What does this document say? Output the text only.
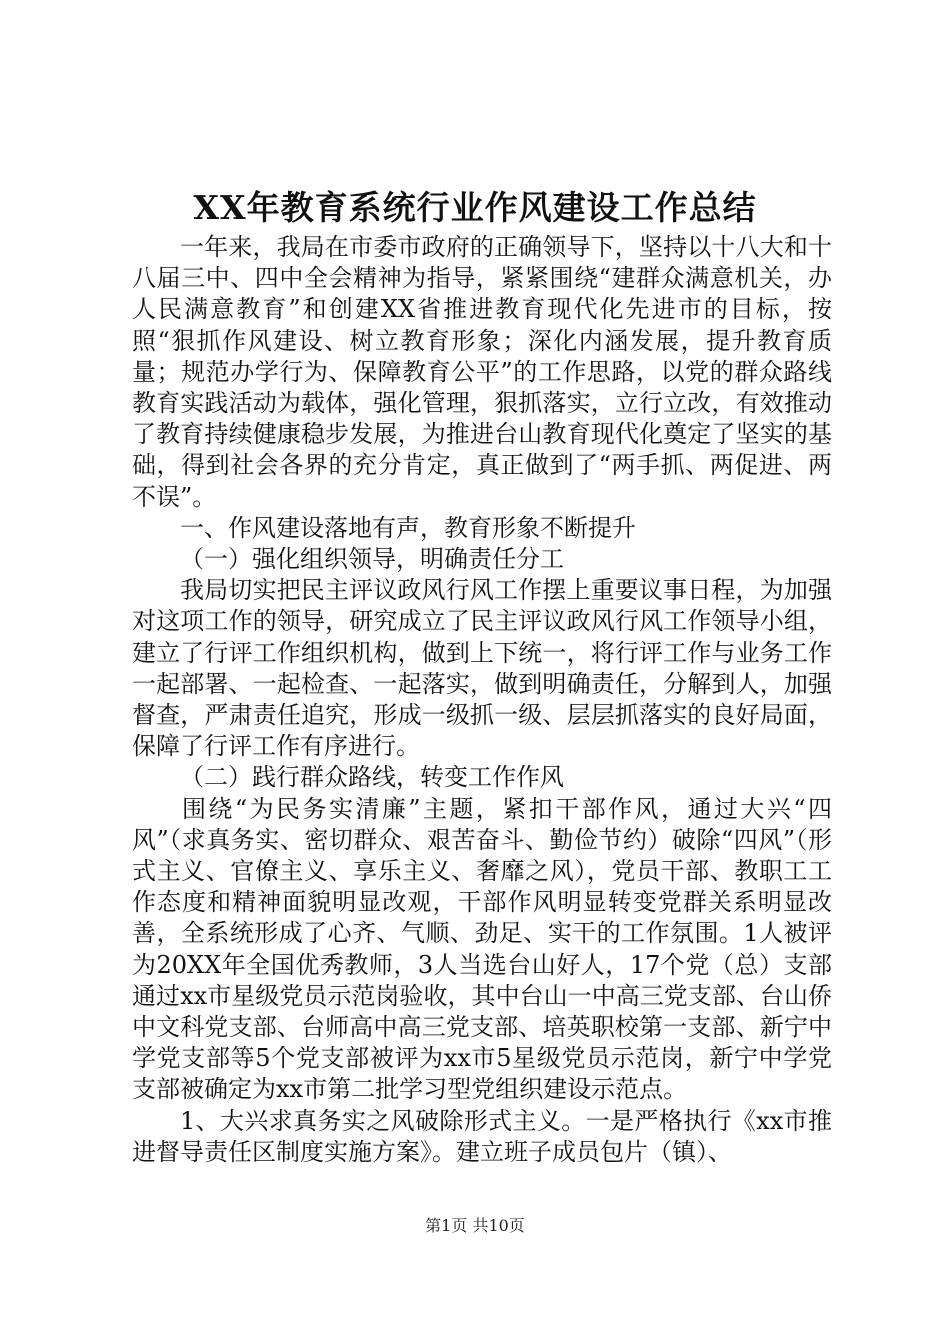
XX年教育系统行业作风建设工作总结

一年来，我局在市委市政府的正确领导下，坚持以十八大和十八届三中、四中全会精神为指导，紧紧围绕“建群众满意机关，办人民满意教育”和创建XX省推进教育现代化先进市的目标，按照“狠抓作风建设、树立教育形象；深化内涵发展，提升教育质量；规范办学行为、保障教育公平”的工作思路，以党的群众路线教育实践活动为载体，强化管理，狠抓落实，立行立改，有效推动了教育持续健康稳步发展，为推进台山教育现代化奠定了坚实的基础，得到社会各界的充分肯定，真正做到了“两手抓、两促进、两不误”。

一、作风建设落地有声，教育形象不断提升

（一）强化组织领导，明确责任分工

我局切实把民主评议政风行风工作摆上重要议事日程，为加强对这项工作的领导，研究成立了民主评议政风行风工作领导小组，建立了行评工作组织机构，做到上下统一，将行评工作与业务工作一起部署、一起检查、一起落实，做到明确责任，分解到人，加强督查，严肃责任追究，形成一级抓一级、层层抓落实的良好局面，保障了行评工作有序进行。

（二）践行群众路线，转变工作作风

围绕“为民务实清廉”主题，紧扣干部作风，通过大兴“四风”（求真务实、密切群众、艰苦奋斗、勤俭节约）破除“四风”（形式主义、官僚主义、享乐主义、奢靡之风），党员干部、教职工工作态度和精神面貌明显改观，干部作风明显转变党群关系明显改善，全系统形成了心齐、气顺、劲足、实干的工作氛围。1人被评为20XX年全国优秀教师，3人当选台山好人，17个党（总）支部通过xx市星级党员示范岗验收，其中台山一中高三党支部、台山侨中文科党支部、台师高中高三党支部、培英职校第一支部、新宁中学党支部等5个党支部被评为xx市5星级党员示范岗，新宁中学党支部被确定为xx市第二批学习型党组织建设示范点。

1、大兴求真务实之风破除形式主义。一是严格执行《xx市推进督导责任区制度实施方案》。建立班子成员包片（镇）、

第1页 共10页
